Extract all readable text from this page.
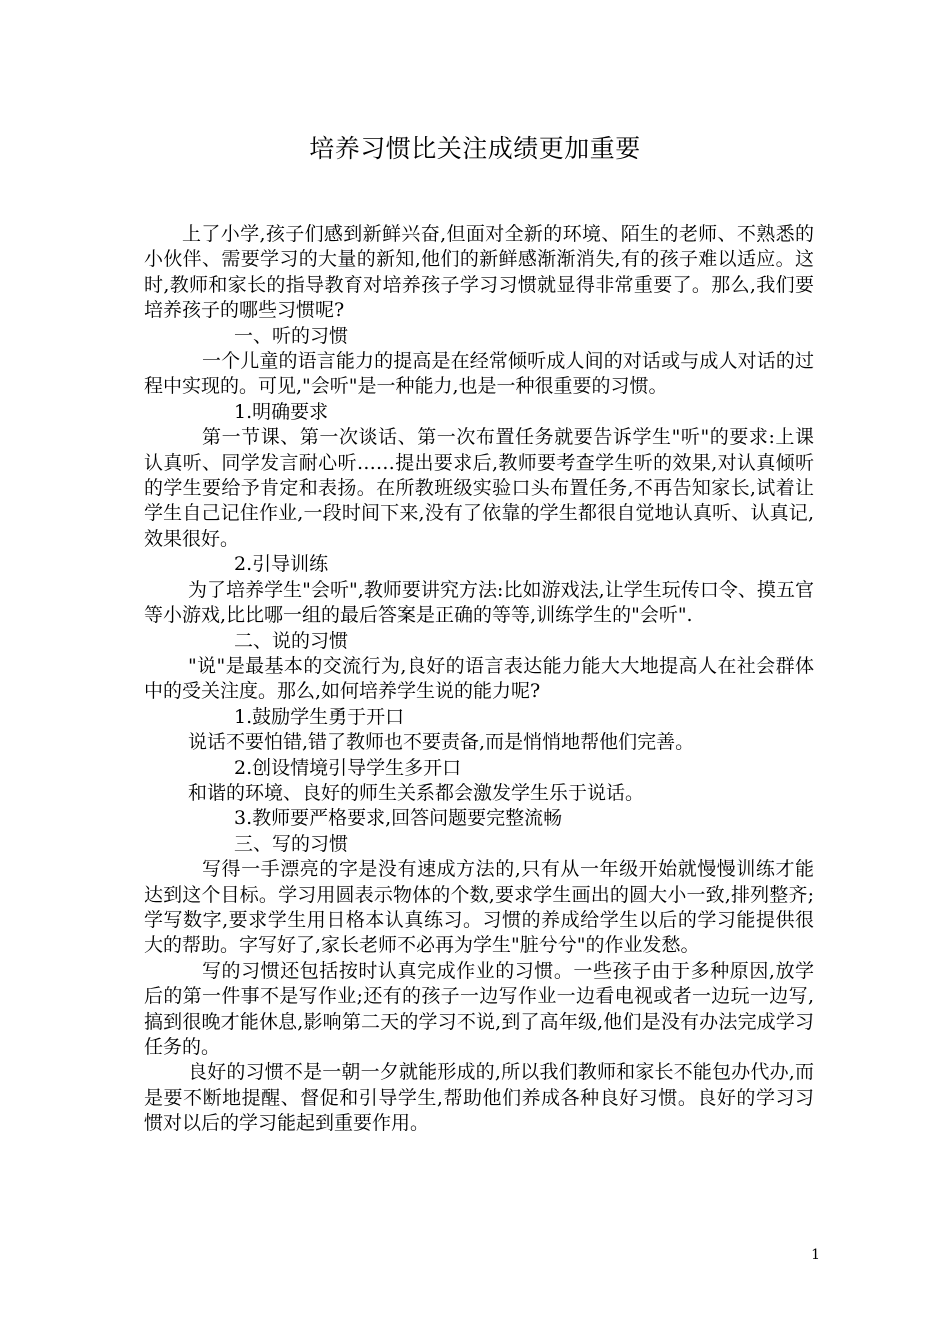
培养习惯比关注成绩更加重要

上了小学,孩子们感到新鲜兴奋,但面对全新的环境、陌生的老师、不熟悉的小伙伴、需要学习的大量的新知,他们的新鲜感渐渐消失,有的孩子难以适应。这时,教师和家长的指导教育对培养孩子学习习惯就显得非常重要了。那么,我们要培养孩子的哪些习惯呢?

一、听的习惯

一个儿童的语言能力的提高是在经常倾听成人间的对话或与成人对话的过程中实现的。可见,"会听"是一种能力,也是一种很重要的习惯。

1.明确要求

第一节课、第一次谈话、第一次布置任务就要告诉学生"听"的要求:上课认真听、同学发言耐心听……提出要求后,教师要考查学生听的效果,对认真倾听的学生要给予肯定和表扬。在所教班级实验口头布置任务,不再告知家长,试着让学生自己记住作业,一段时间下来,没有了依靠的学生都很自觉地认真听、认真记,效果很好。

2.引导训练

为了培养学生"会听",教师要讲究方法:比如游戏法,让学生玩传口令、摸五官等小游戏,比比哪一组的最后答案是正确的等等,训练学生的"会听".

二、说的习惯

"说"是最基本的交流行为,良好的语言表达能力能大大地提高人在社会群体中的受关注度。那么,如何培养学生说的能力呢?

1.鼓励学生勇于开口

说话不要怕错,错了教师也不要责备,而是悄悄地帮他们完善。

2.创设情境引导学生多开口

和谐的环境、良好的师生关系都会激发学生乐于说话。

3.教师要严格要求,回答问题要完整流畅

三、写的习惯

写得一手漂亮的字是没有速成方法的,只有从一年级开始就慢慢训练才能达到这个目标。学习用圆表示物体的个数,要求学生画出的圆大小一致,排列整齐;学写数字,要求学生用日格本认真练习。习惯的养成给学生以后的学习能提供很大的帮助。字写好了,家长老师不必再为学生"脏兮兮"的作业发愁。

写的习惯还包括按时认真完成作业的习惯。一些孩子由于多种原因,放学后的第一件事不是写作业;还有的孩子一边写作业一边看电视或者一边玩一边写,搞到很晚才能休息,影响第二天的学习不说,到了高年级,他们是没有办法完成学习任务的。

良好的习惯不是一朝一夕就能形成的,所以我们教师和家长不能包办代办,而是要不断地提醒、督促和引导学生,帮助他们养成各种良好习惯。良好的学习习惯对以后的学习能起到重要作用。

1
